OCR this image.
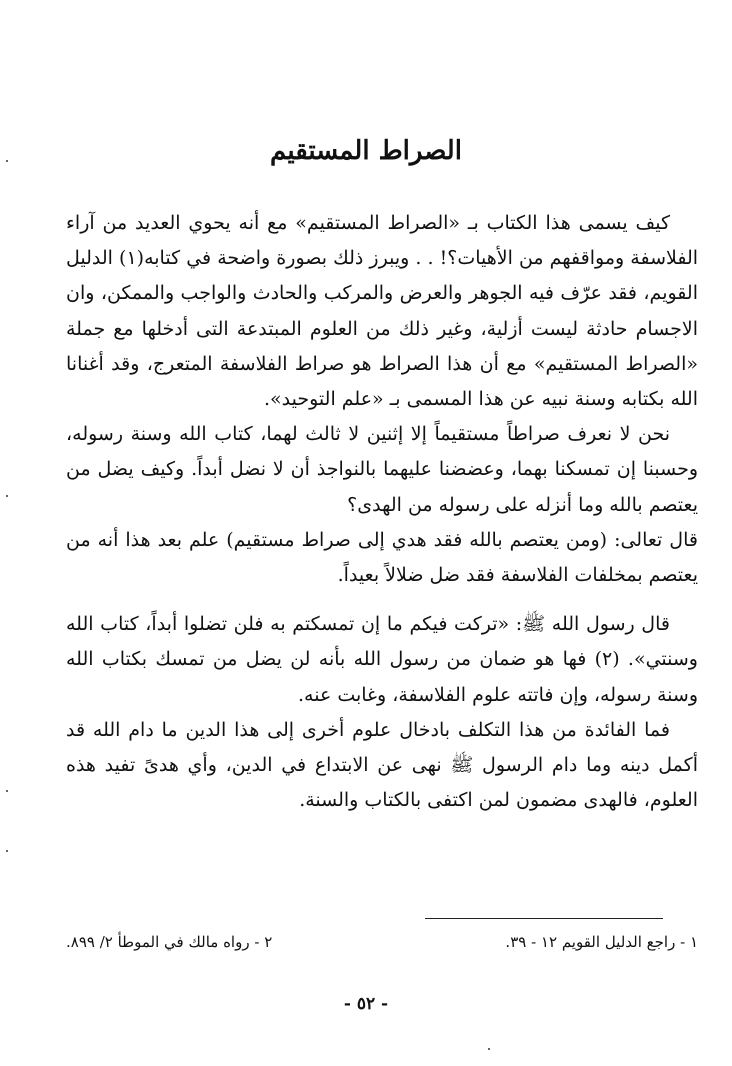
الصراط المستقيم

كيف يسمى هذا الكتاب بـ «الصراط المستقيم» مع أنه يحوي العديد من آراء الفلاسفة ومواقفهم من الأهيات؟! . . ويبرز ذلك بصورة واضحة في كتابه(١) الدليل القويم، فقد عرّف فيه الجوهر والعرض والمركب والحادث والواجب والممكن، وان الاجسام حادثة ليست أزلية، وغير ذلك من العلوم المبتدعة التى أدخلها مع جملة «الصراط المستقيم» مع أن هذا الصراط هو صراط الفلاسفة المتعرج، وقد أغنانا الله بكتابه وسنة نبيه عن هذا المسمى بـ «علم التوحيد».

نحن لا نعرف صراطاً مستقيماً إلا إثنين لا ثالث لهما، كتاب الله وسنة رسوله، وحسبنا إن تمسكنا بهما، وعضضنا عليهما بالنواجذ أن لا نضل أبداً. وكيف يضل من يعتصم بالله وما أنزله على رسوله من الهدى؟

قال تعالى: (ومن يعتصم بالله فقد هدي إلى صراط مستقيم) علم بعد هذا أنه من يعتصم بمخلفات الفلاسفة فقد ضل ضلالاً بعيداً.

قال رسول الله ﷺ: «تركت فيكم ما إن تمسكتم به فلن تضلوا أبداً، كتاب الله وسنتي». (٢) فها هو ضمان من رسول الله بأنه لن يضل من تمسك بكتاب الله وسنة رسوله، وإن فاتته علوم الفلاسفة، وغابت عنه.

فما الفائدة من هذا التكلف بادخال علوم أخرى إلى هذا الدين ما دام الله قد أكمل دينه وما دام الرسول ﷺ نهى عن الابتداع في الدين، وأي هدىً تفيد هذه العلوم، فالهدى مضمون لمن اكتفى بالكتاب والسنة.

١ - راجع الدليل القويم ١٢ - ٣٩.
٢ - رواه مالك في الموطأ ٢/ ٨٩٩.
- ٥٢ -
